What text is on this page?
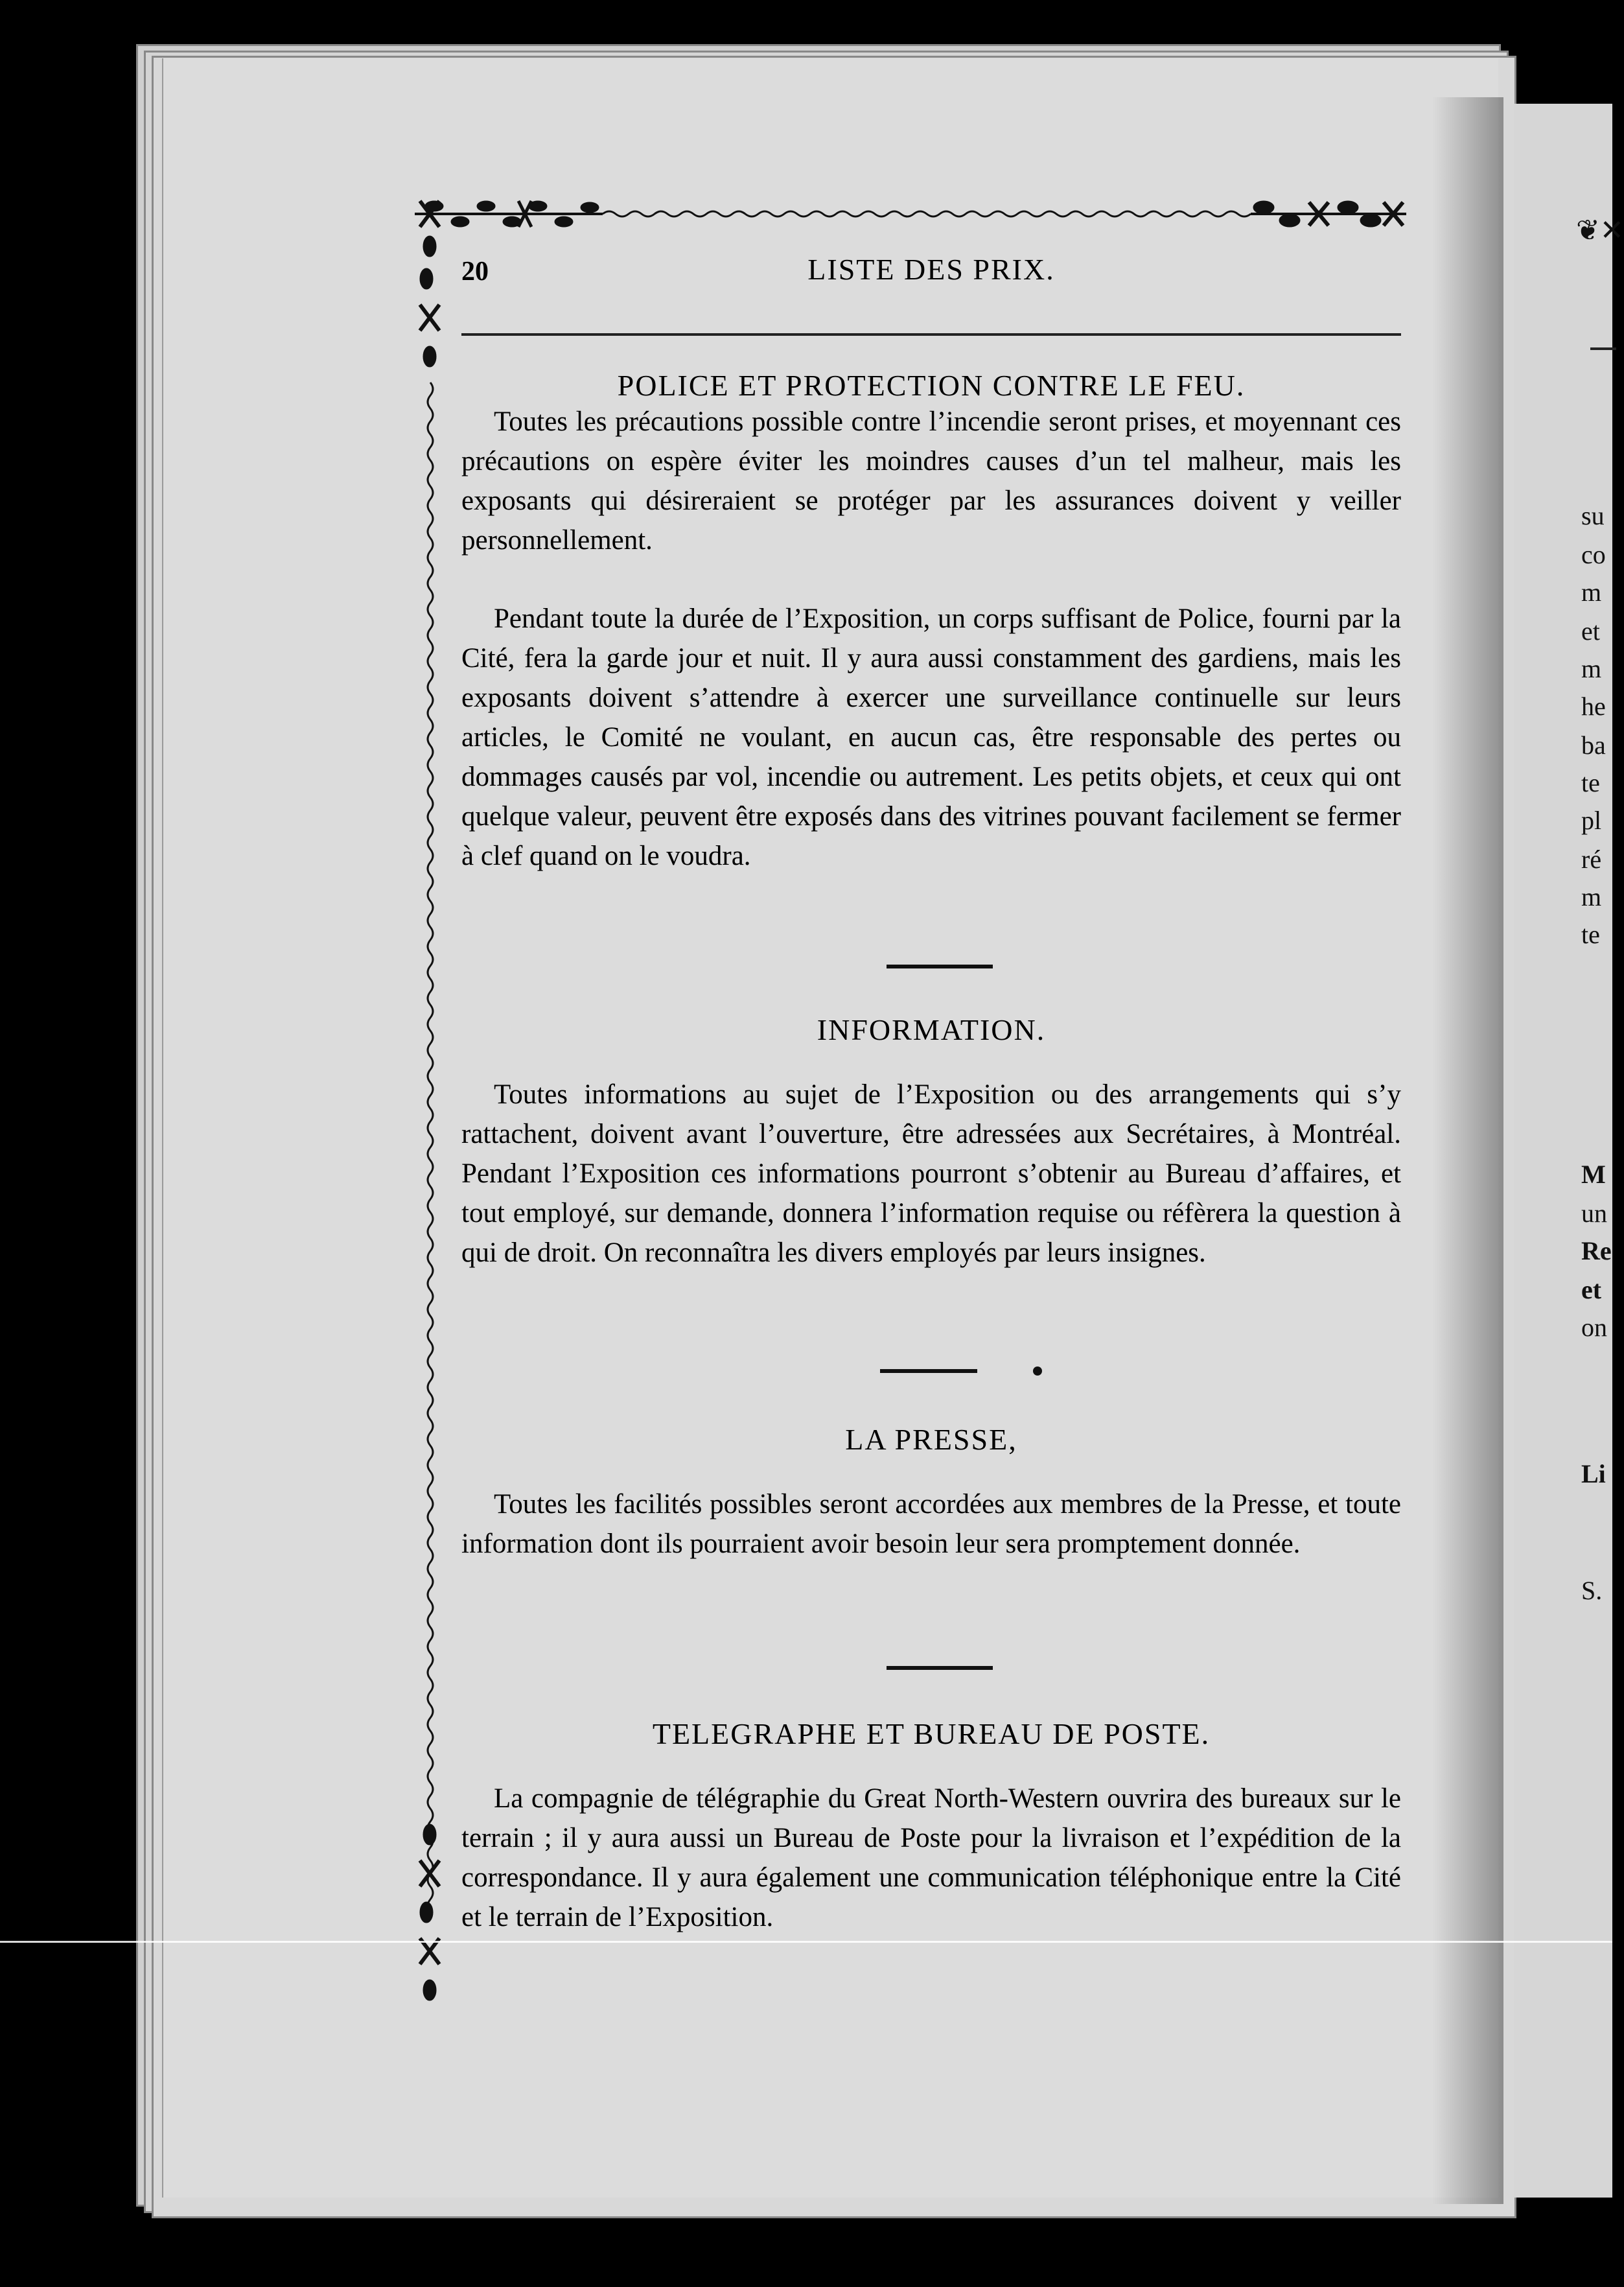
❦✕
su
co
m
et
m
he
ba
te
pl
ré
m
te
M
un
Re
et
on
Li
S.
20	LISTE DES PRIX.
POLICE ET PROTECTION CONTRE LE FEU.

Toutes les précautions possible contre l’incendie seront prises, et moyennant ces précautions on espère éviter les moindres causes d’un tel malheur, mais les exposants qui désireraient se protéger par les assurances doivent y veiller personnellement.

Pendant toute la durée de l’Exposition, un corps suffisant de Police, fourni par la Cité, fera la garde jour et nuit. Il y aura aussi constamment des gardiens, mais les exposants doivent s’attendre à exercer une surveillance continuelle sur leurs articles, le Comité ne voulant, en aucun cas, être responsable des pertes ou dommages causés par vol, incendie ou autrement. Les petits objets, et ceux qui ont quelque valeur, peuvent être exposés dans des vitrines pouvant facilement se fermer à clef quand on le voudra.

INFORMATION.

Toutes informations au sujet de l’Exposition ou des arrangements qui s’y rattachent, doivent avant l’ouverture, être adressées aux Secrétaires, à Montréal. Pendant l’Exposition ces informations pourront s’obtenir au Bureau d’affaires, et tout employé, sur demande, donnera l’information requise ou réfèrera la question à qui de droit. On reconnaîtra les divers employés par leurs insignes.

LA PRESSE,

Toutes les facilités possibles seront accordées aux membres de la Presse, et toute information dont ils pourraient avoir besoin leur sera promptement donnée.

TELEGRAPHE ET BUREAU DE POSTE.

La compagnie de télégraphie du Great North-Western ouvrira des bureaux sur le terrain ; il y aura aussi un Bureau de Poste pour la livraison et l’expédition de la correspondance. Il y aura également une communication téléphonique entre la Cité et le terrain de l’Exposition.
